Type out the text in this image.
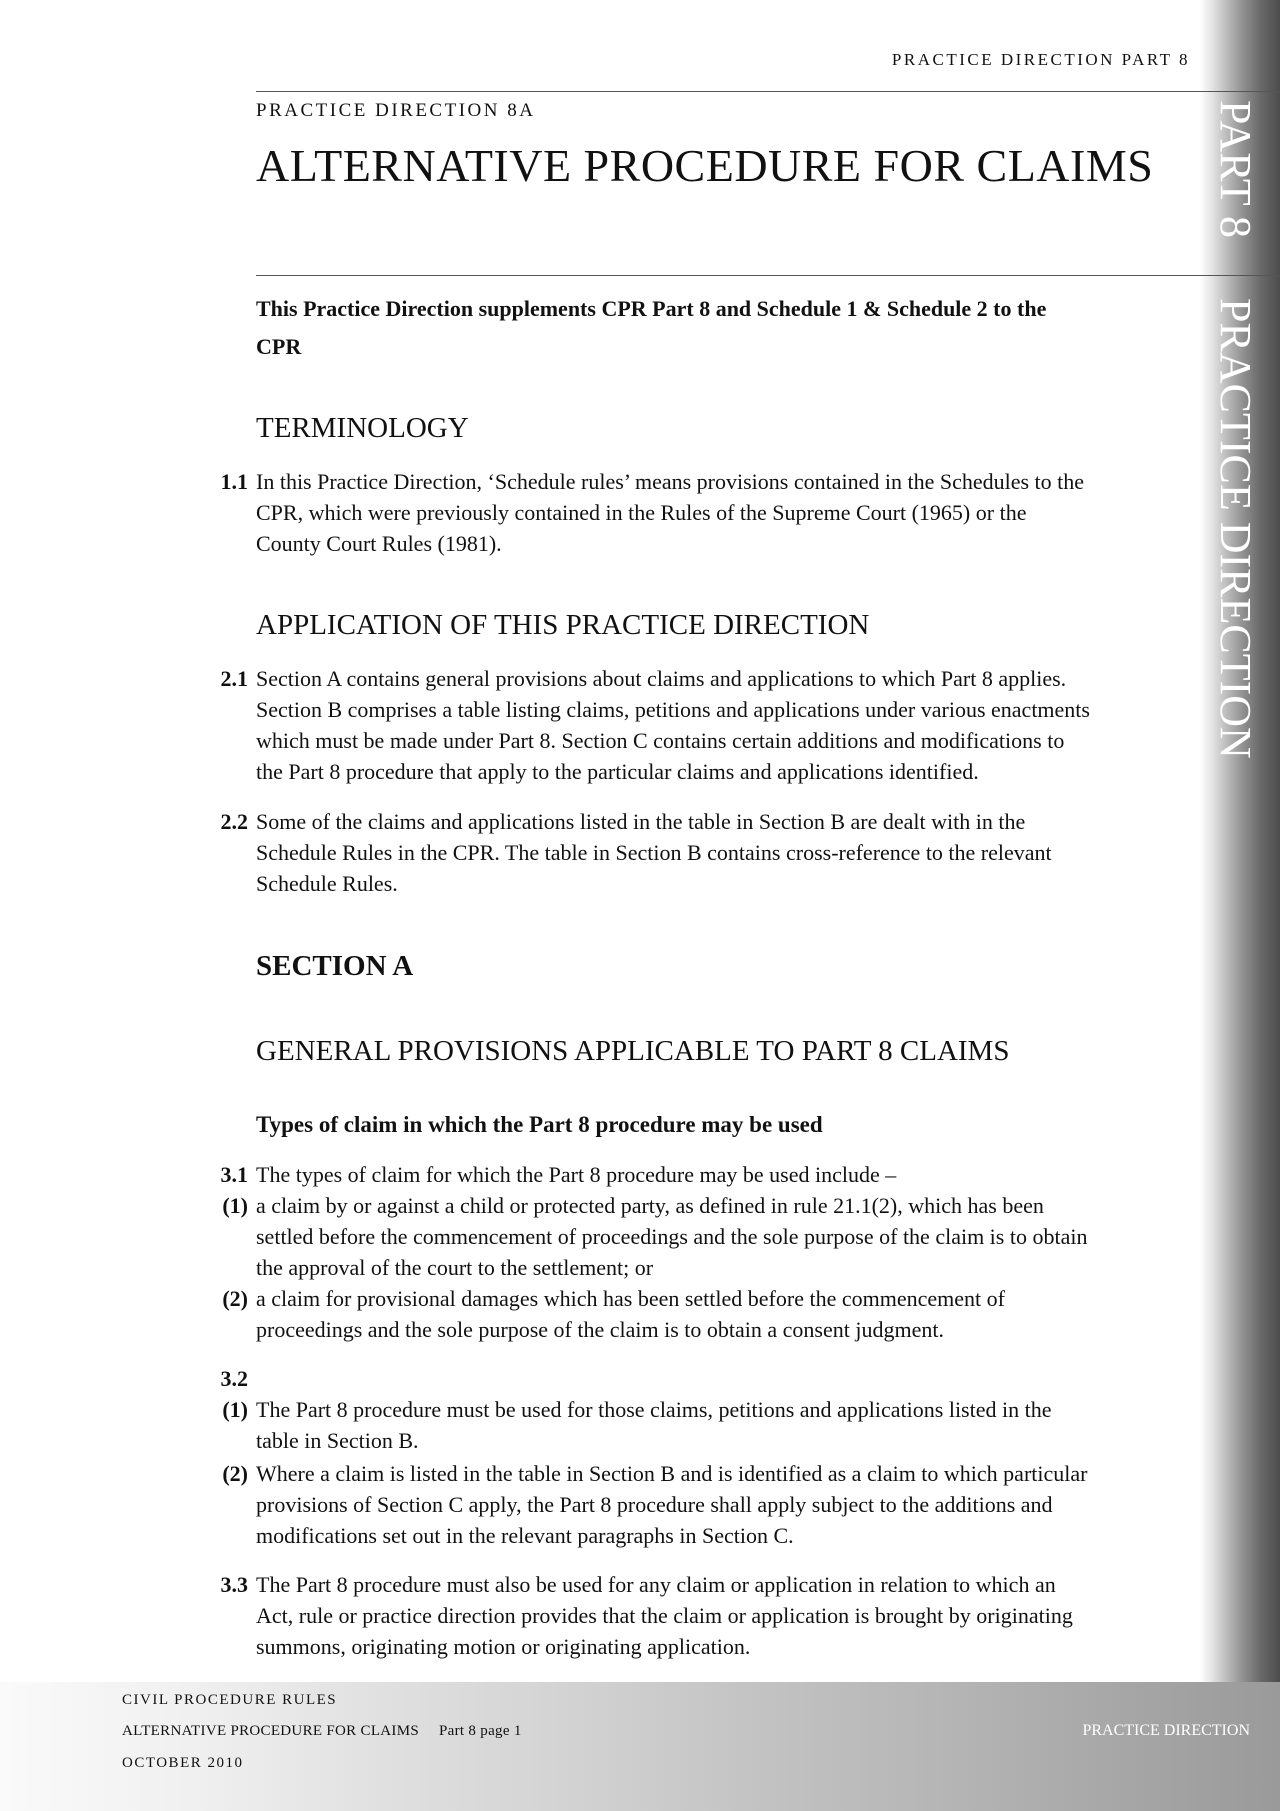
PART 8PRACTICE DIRECTION
PRACTICE DIRECTION PART 8
PRACTICE DIRECTION 8A
ALTERNATIVE PROCEDURE FOR CLAIMS
This Practice Direction supplements CPR Part 8 and Schedule 1 & Schedule 2 to the
CPR
TERMINOLOGY
1.1 In this Practice Direction, ‘Schedule rules’ means provisions contained in the Schedules to the
CPR, which were previously contained in the Rules of the Supreme Court (1965) or the
County Court Rules (1981).
APPLICATION OF THIS PRACTICE DIRECTION
2.1 Section A contains general provisions about claims and applications to which Part 8 applies.
Section B comprises a table listing claims, petitions and applications under various enactments
which must be made under Part 8. Section C contains certain additions and modifications to
the Part 8 procedure that apply to the particular claims and applications identified.
2.2 Some of the claims and applications listed in the table in Section B are dealt with in the
Schedule Rules in the CPR. The table in Section B contains cross-reference to the relevant
Schedule Rules.
SECTION A
GENERAL PROVISIONS APPLICABLE TO PART 8 CLAIMS
Types of claim in which the Part 8 procedure may be used
3.1 The types of claim for which the Part 8 procedure may be used include –
(1) a claim by or against a child or protected party, as defined in rule 21.1(2), which has been
settled before the commencement of proceedings and the sole purpose of the claim is to obtain
the approval of the court to the settlement; or
(2) a claim for provisional damages which has been settled before the commencement of
proceedings and the sole purpose of the claim is to obtain a consent judgment.
3.2
(1) The Part 8 procedure must be used for those claims, petitions and applications listed in the
table in Section B.
(2) Where a claim is listed in the table in Section B and is identified as a claim to which particular
provisions of Section C apply, the Part 8 procedure shall apply subject to the additions and
modifications set out in the relevant paragraphs in Section C.
3.3 The Part 8 procedure must also be used for any claim or application in relation to which an
Act, rule or practice direction provides that the claim or application is brought by originating
summons, originating motion or originating application.
CIVIL PROCEDURE RULES
ALTERNATIVE PROCEDURE FOR CLAIMS Part 8 page 1
OCTOBER 2010
PRACTICE DIRECTION
